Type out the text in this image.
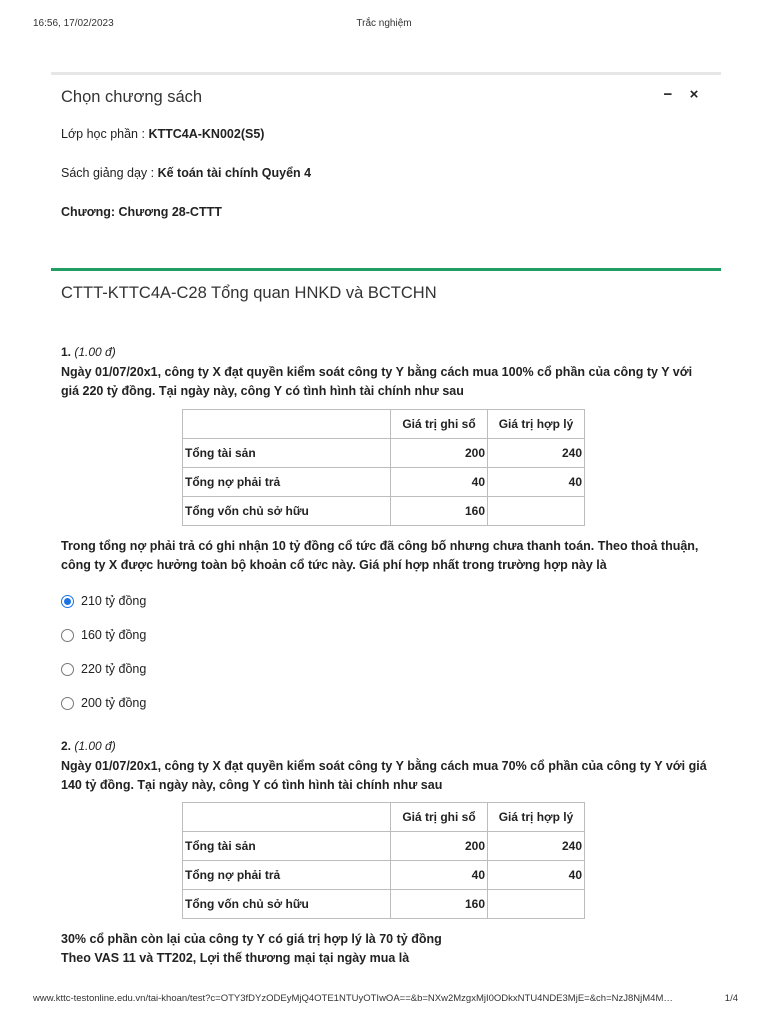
16:56, 17/02/2023	Trắc nghiệm
Chọn chương sách	− ×
Lớp học phần : KTTC4A-KN002(S5)
Sách giảng dạy : Kế toán tài chính Quyển 4
Chương: Chương 28-CTTT
CTTT-KTTC4A-C28 Tổng quan HNKD và BCTCHN
1. (1.00 đ)
Ngày 01/07/20x1, công ty X đạt quyền kiểm soát công ty Y bằng cách mua 100% cổ phần của công ty Y với giá 220 tỷ đồng. Tại ngày này, công Y có tình hình tài chính như sau
	Giá trị ghi sổ	Giá trị hợp lý
Tổng tài sản	200	240
Tổng nợ phải trả	40	40
Tổng vốn chủ sở hữu	160	
Trong tổng nợ phải trả có ghi nhận 10 tỷ đồng cổ tức đã công bố nhưng chưa thanh toán. Theo thoả thuận, công ty X được hưởng toàn bộ khoản cổ tức này. Giá phí hợp nhất trong trường hợp này là
210 tỷ đồng
160 tỷ đồng
220 tỷ đồng
200 tỷ đồng
2. (1.00 đ)
Ngày 01/07/20x1, công ty X đạt quyền kiểm soát công ty Y bằng cách mua 70% cổ phần của công ty Y với giá 140 tỷ đồng. Tại ngày này, công Y có tình hình tài chính như sau
	Giá trị ghi sổ	Giá trị hợp lý
Tổng tài sản	200	240
Tổng nợ phải trả	40	40
Tổng vốn chủ sở hữu	160	
30% cổ phần còn lại của công ty Y có giá trị hợp lý là 70 tỷ đồng
Theo VAS 11 và TT202, Lợi thế thương mại tại ngày mua là
www.kttc-testonline.edu.vn/tai-khoan/test?c=OTY3fDYzODEyMjQ4OTE1NTUyOTIwOA==&b=NXw2MzgxMjI0ODkxNTU4NDE3MjE=&ch=NzJ8NjM4M…	1/4
